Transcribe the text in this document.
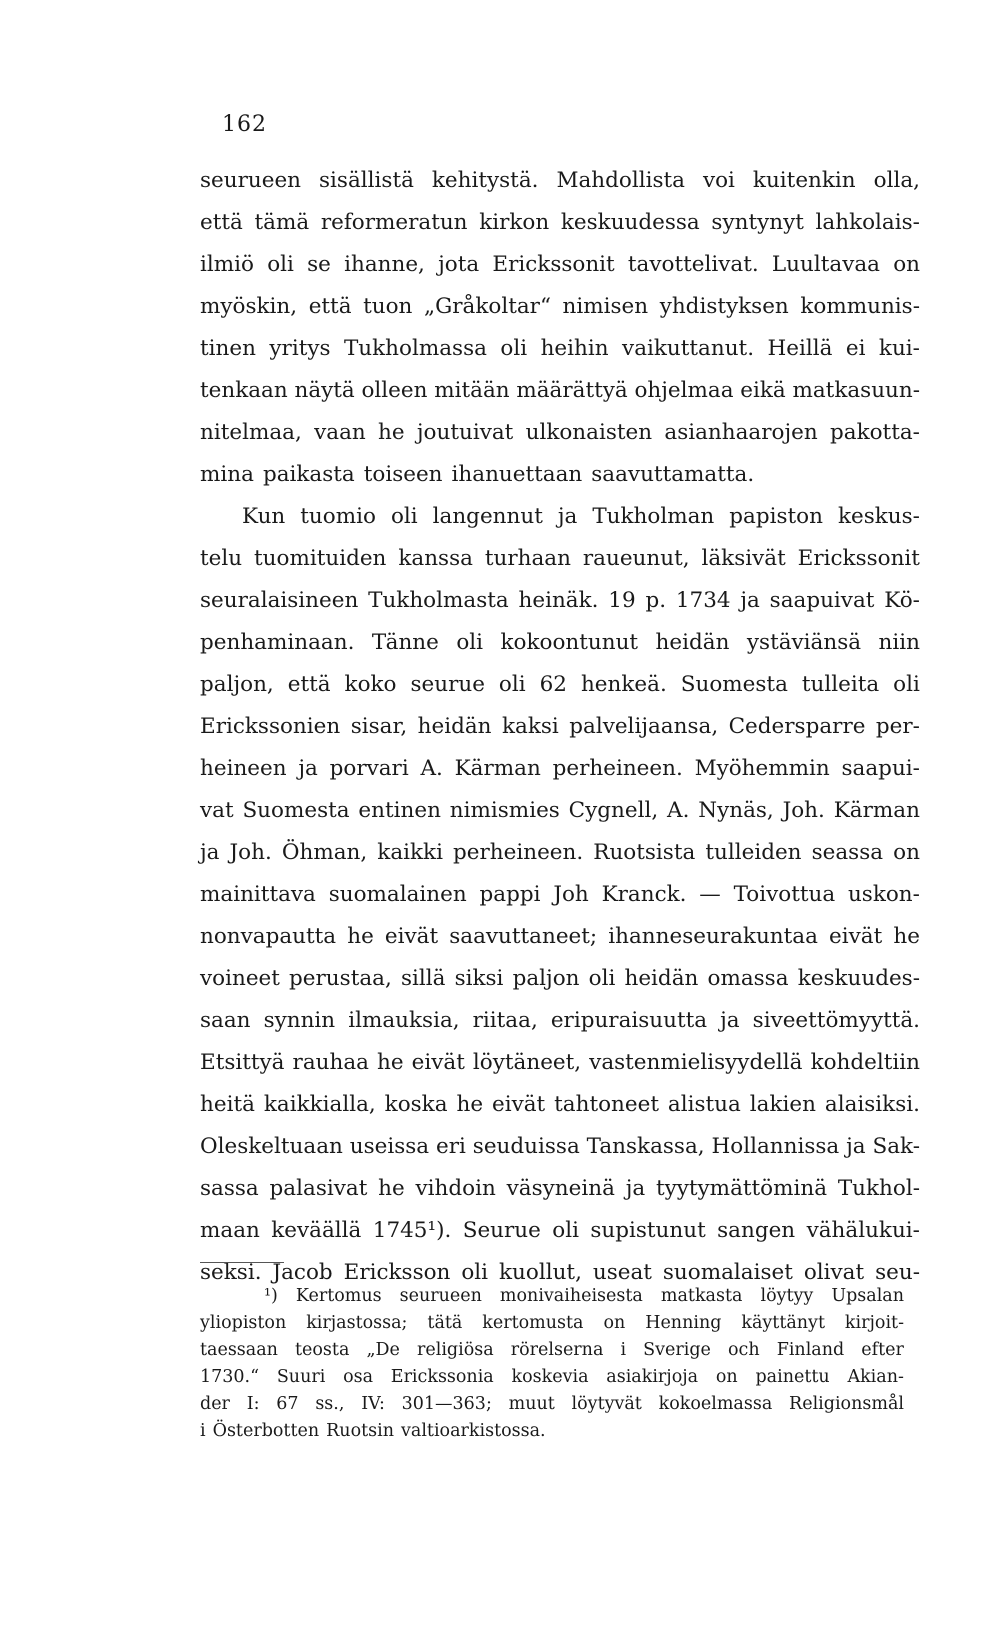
162
seurueen sisällistä kehitystä. Mahdollista voi kuitenkin olla,
että tämä reformeratun kirkon keskuudessa syntynyt lahkolais-
ilmiö oli se ihanne, jota Erickssonit tavottelivat. Luultavaa on
myöskin, että tuon „Gråkoltar“ nimisen yhdistyksen kommunis-
tinen yritys Tukholmassa oli heihin vaikuttanut. Heillä ei kui-
tenkaan näytä olleen mitään määrättyä ohjelmaa eikä matkasuun-
nitelmaa, vaan he joutuivat ulkonaisten asianhaarojen pakotta-
mina paikasta toiseen ihanuettaan saavuttamatta.
Kun tuomio oli langennut ja Tukholman papiston keskus-
telu tuomituiden kanssa turhaan raueunut, läksivät Erickssonit
seuralaisineen Tukholmasta heinäk. 19 p. 1734 ja saapuivat Kö-
penhaminaan. Tänne oli kokoontunut heidän ystäviänsä niin
paljon, että koko seurue oli 62 henkeä. Suomesta tulleita oli
Erickssonien sisar, heidän kaksi palvelijaansa, Cedersparre per-
heineen ja porvari A. Kärman perheineen. Myöhemmin saapui-
vat Suomesta entinen nimismies Cygnell, A. Nynäs, Joh. Kärman
ja Joh. Öhman, kaikki perheineen. Ruotsista tulleiden seassa on
mainittava suomalainen pappi Joh Kranck. — Toivottua uskon-
nonvapautta he eivät saavuttaneet; ihanneseurakuntaa eivät he
voineet perustaa, sillä siksi paljon oli heidän omassa keskuudes-
saan synnin ilmauksia, riitaa, eripuraisuutta ja siveettömyyttä.
Etsittyä rauhaa he eivät löytäneet, vastenmielisyydellä kohdeltiin
heitä kaikkialla, koska he eivät tahtoneet alistua lakien alaisiksi.
Oleskeltuaan useissa eri seuduissa Tanskassa, Hollannissa ja Sak-
sassa palasivat he vihdoin väsyneinä ja tyytymättöminä Tukhol-
maan keväällä 1745¹). Seurue oli supistunut sangen vähälukui-
seksi. Jacob Ericksson oli kuollut, useat suomalaiset olivat seu-
¹) Kertomus seurueen monivaiheisesta matkasta löytyy Upsalan
yliopiston kirjastossa; tätä kertomusta on Henning käyttänyt kirjoit-
taessaan teosta „De religiösa rörelserna i Sverige och Finland efter
1730.“ Suuri osa Erickssonia koskevia asiakirjoja on painettu Akian-
der I: 67 ss., IV: 301—363; muut löytyvät kokoelmassa Religionsmål
i Österbotten Ruotsin valtioarkistossa.
